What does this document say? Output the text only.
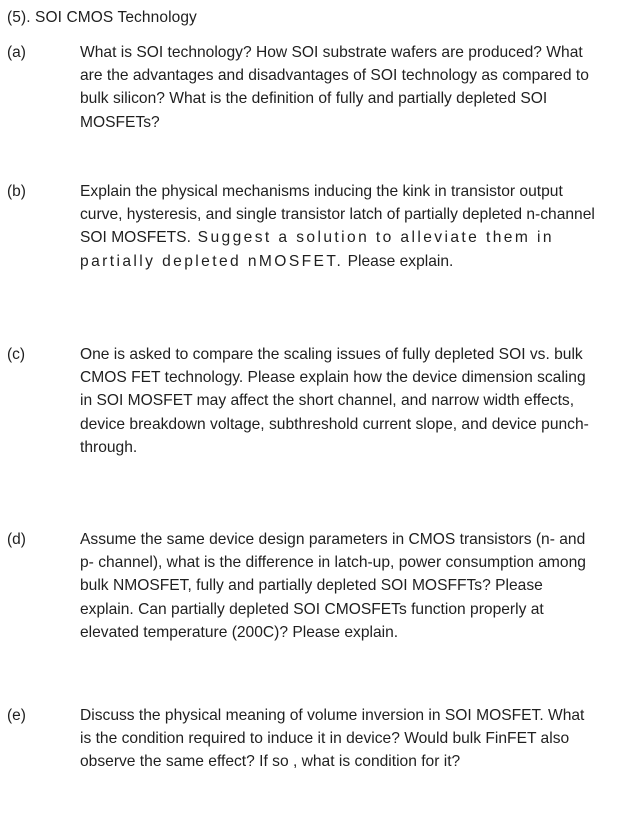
(5). SOI CMOS Technology
(a)	What is SOI technology? How SOI substrate wafers are produced? What are the advantages and disadvantages of SOI technology as compared to bulk silicon? What is the definition of fully and partially depleted SOI MOSFETs?
(b)	Explain the physical mechanisms inducing the kink in transistor output curve, hysteresis, and single transistor latch of partially depleted n-channel SOI MOSFETS. Suggest a solution to alleviate them in partially depleted nMOSFET. Please explain.
(c)	One is asked to compare the scaling issues of fully depleted SOI vs. bulk CMOS FET technology. Please explain how the device dimension scaling in SOI MOSFET may affect the short channel, and narrow width effects, device breakdown voltage, subthreshold current slope, and device punch-through.
(d)	Assume the same device design parameters in CMOS transistors (n- and p- channel), what is the difference in latch-up, power consumption among bulk NMOSFET, fully and partially depleted SOI MOSFFTs? Please explain. Can partially depleted SOI CMOSFETs function properly at elevated temperature (200C)? Please explain.
(e)	Discuss the physical meaning of volume inversion in SOI MOSFET. What is the condition required to induce it in device? Would bulk FinFET also observe the same effect? If so , what is condition for it?
